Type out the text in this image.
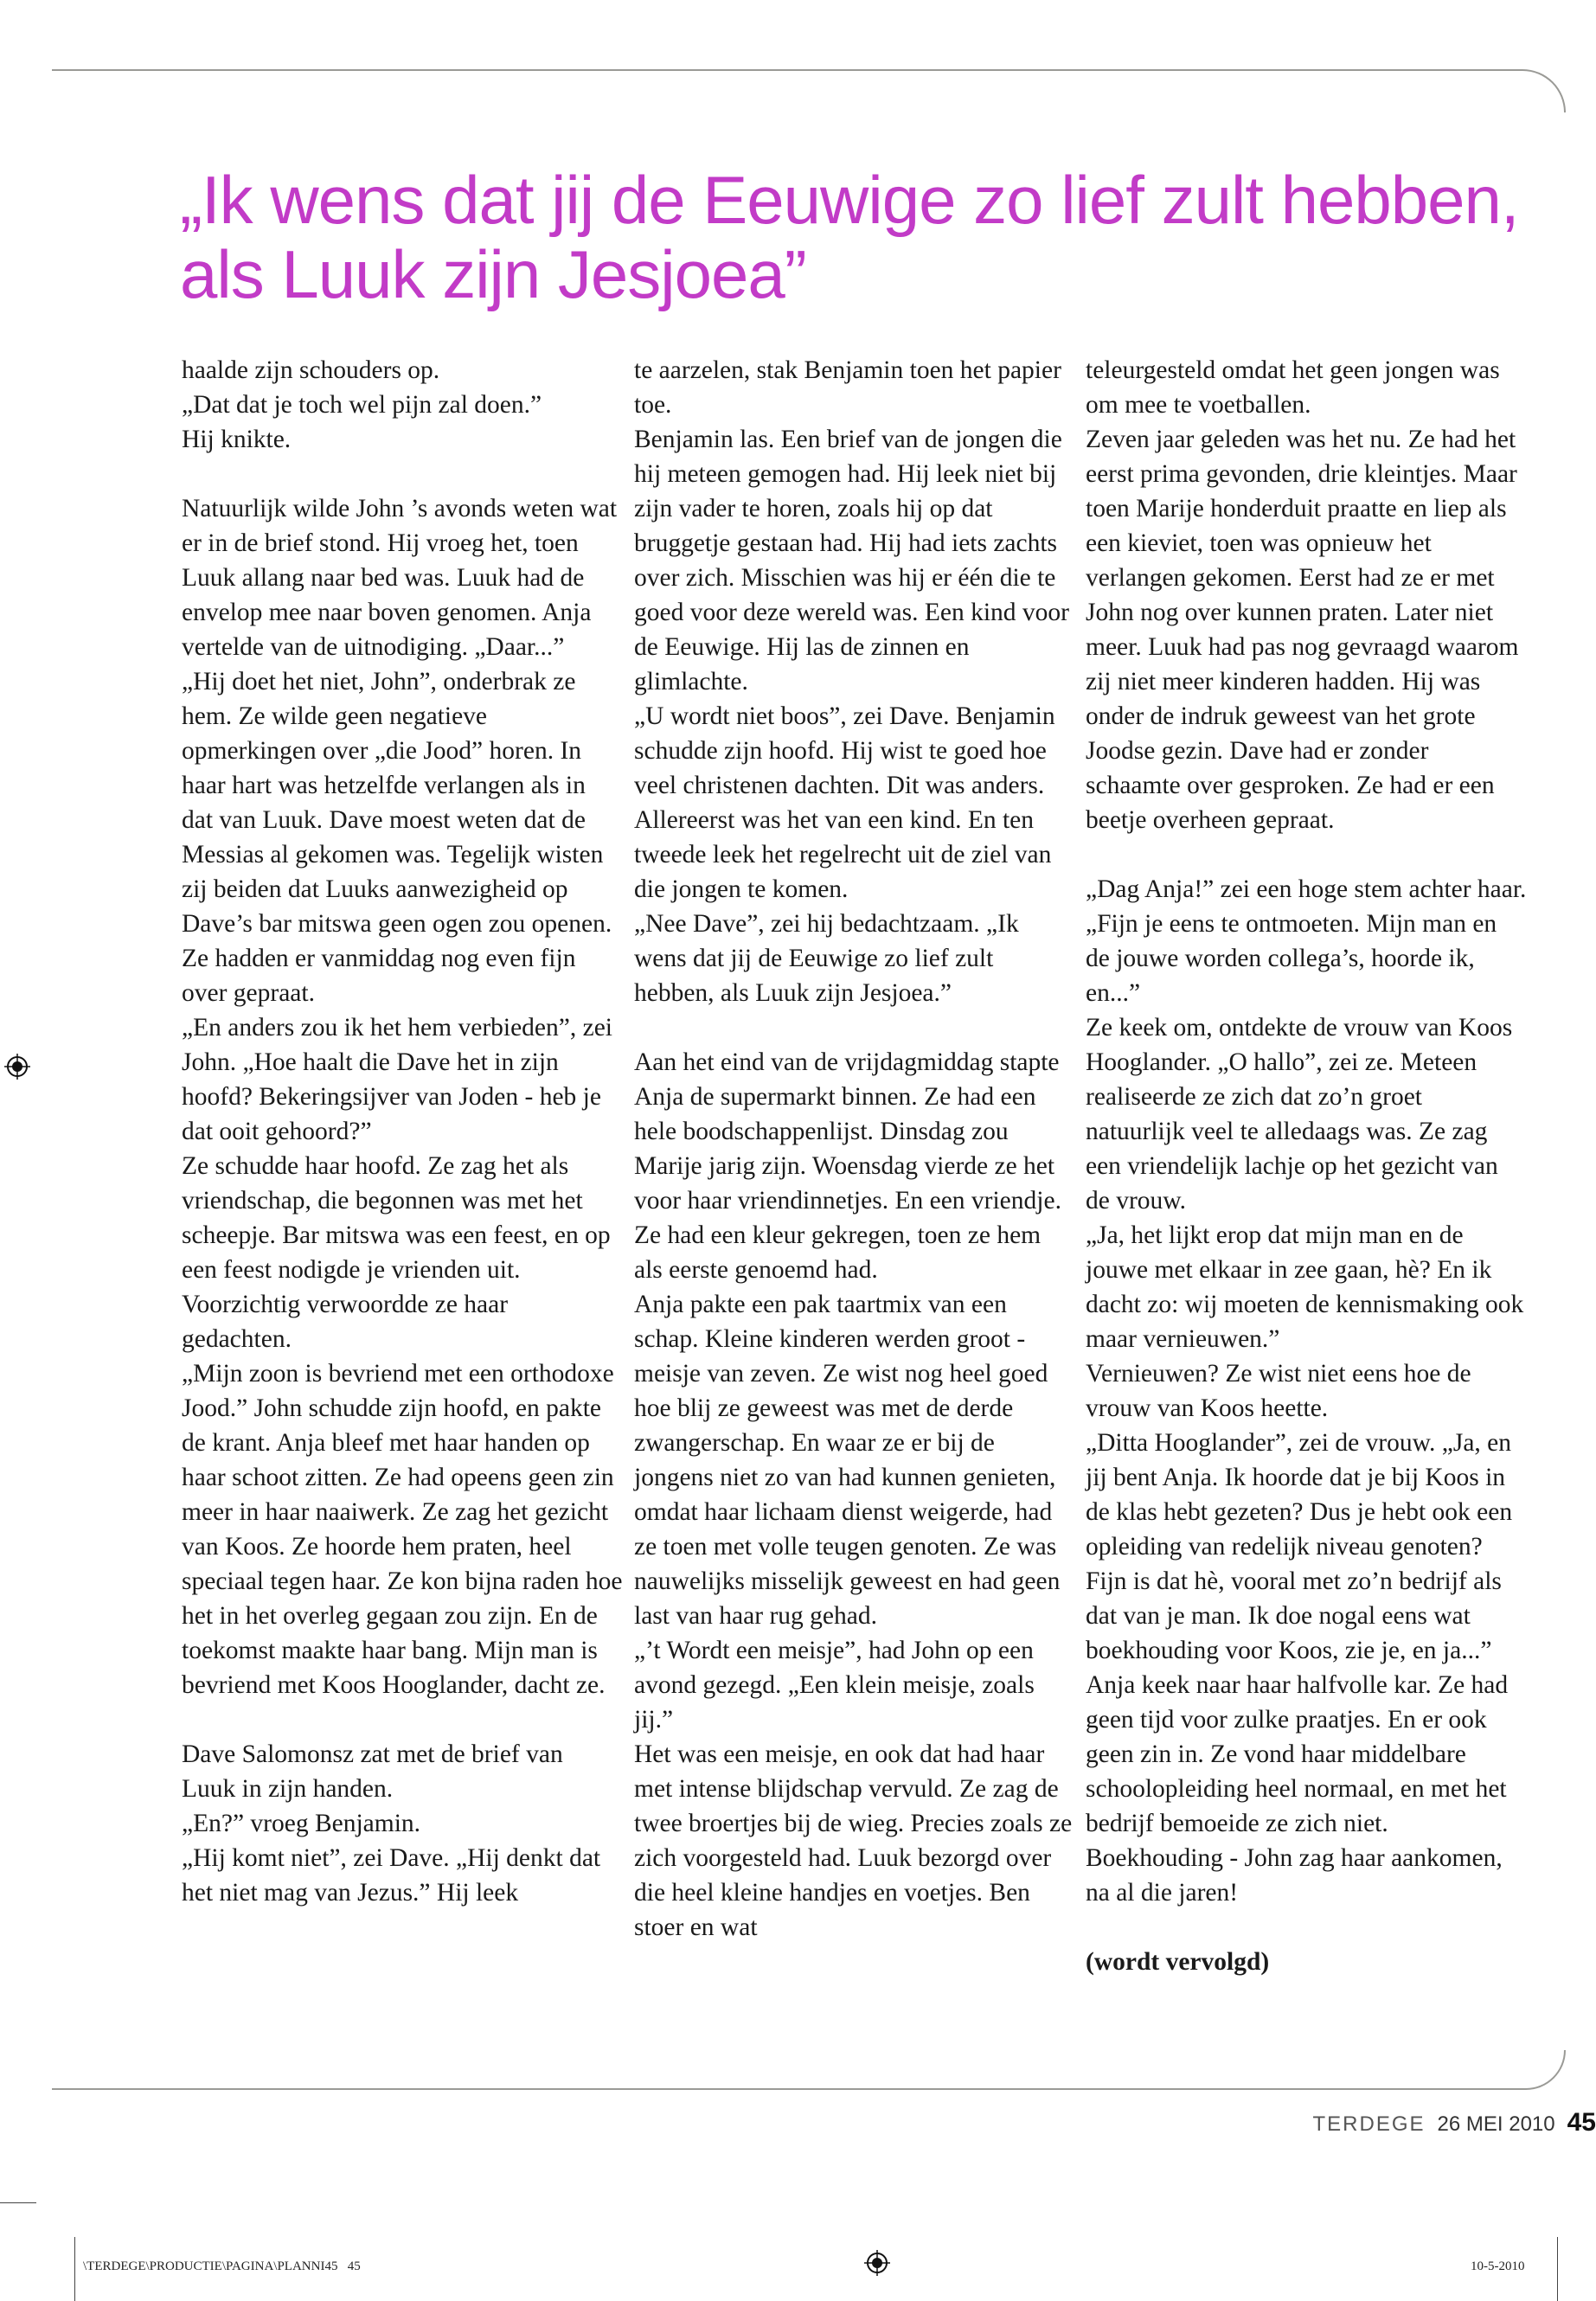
„Ik wens dat jij de Eeuwige zo lief zult hebben, als Luuk zijn Jesjoea”

haalde zijn schouders op.
„Dat dat je toch wel pijn zal doen.”
Hij knikte.

Natuurlijk wilde John ’s avonds weten wat er in de brief stond. Hij vroeg het, toen Luuk allang naar bed was. Luuk had de envelop mee naar boven genomen. Anja vertelde van de uitnodiging. „Daar...”
„Hij doet het niet, John”, onderbrak ze hem. Ze wilde geen negatieve opmerkingen over „die Jood” horen. In haar hart was hetzelfde verlangen als in dat van Luuk. Dave moest weten dat de Messias al gekomen was. Tegelijk wisten zij beiden dat Luuks aanwezigheid op Dave’s bar mitswa geen ogen zou openen. Ze hadden er vanmiddag nog even fijn over gepraat.
„En anders zou ik het hem verbieden”, zei John. „Hoe haalt die Dave het in zijn hoofd? Bekeringsijver van Joden - heb je dat ooit gehoord?”
Ze schudde haar hoofd. Ze zag het als vriendschap, die begonnen was met het scheepje. Bar mitswa was een feest, en op een feest nodigde je vrienden uit. Voorzichtig verwoordde ze haar gedachten.
„Mijn zoon is bevriend met een orthodoxe Jood.” John schudde zijn hoofd, en pakte de krant. Anja bleef met haar handen op haar schoot zitten. Ze had opeens geen zin meer in haar naaiwerk. Ze zag het gezicht van Koos. Ze hoorde hem praten, heel speciaal tegen haar. Ze kon bijna raden hoe het in het overleg gegaan zou zijn. En de toekomst maakte haar bang. Mijn man is bevriend met Koos Hooglander, dacht ze.

Dave Salomonsz zat met de brief van Luuk in zijn handen.
„En?” vroeg Benjamin.
„Hij komt niet”, zei Dave. „Hij denkt dat het niet mag van Jezus.” Hij leek

te aarzelen, stak Benjamin toen het papier toe.
Benjamin las. Een brief van de jongen die hij meteen gemogen had. Hij leek niet bij zijn vader te horen, zoals hij op dat bruggetje gestaan had. Hij had iets zachts over zich. Misschien was hij er één die te goed voor deze wereld was. Een kind voor de Eeuwige. Hij las de zinnen en glimlachte.
„U wordt niet boos”, zei Dave. Benjamin schudde zijn hoofd. Hij wist te goed hoe veel christenen dachten. Dit was anders. Allereerst was het van een kind. En ten tweede leek het regelrecht uit de ziel van die jongen te komen.
„Nee Dave”, zei hij bedachtzaam. „Ik wens dat jij de Eeuwige zo lief zult hebben, als Luuk zijn Jesjoea.”

Aan het eind van de vrijdagmiddag stapte Anja de supermarkt binnen. Ze had een hele boodschappenlijst. Dinsdag zou Marije jarig zijn. Woensdag vierde ze het voor haar vriendinnetjes. En een vriendje. Ze had een kleur gekregen, toen ze hem als eerste genoemd had.
Anja pakte een pak taartmix van een schap. Kleine kinderen werden groot - meisje van zeven. Ze wist nog heel goed hoe blij ze geweest was met de derde zwangerschap. En waar ze er bij de jongens niet zo van had kunnen genieten, omdat haar lichaam dienst weigerde, had ze toen met volle teugen genoten. Ze was nauwelijks misselijk geweest en had geen last van haar rug gehad.
„’t Wordt een meisje”, had John op een avond gezegd. „Een klein meisje, zoals jij.”
Het was een meisje, en ook dat had haar met intense blijdschap vervuld. Ze zag de twee broertjes bij de wieg. Precies zoals ze zich voorgesteld had. Luuk bezorgd over die heel kleine handjes en voetjes. Ben stoer en wat

teleurgesteld omdat het geen jongen was om mee te voetballen.
Zeven jaar geleden was het nu. Ze had het eerst prima gevonden, drie kleintjes. Maar toen Marije honderduit praatte en liep als een kieviet, toen was opnieuw het verlangen gekomen. Eerst had ze er met John nog over kunnen praten. Later niet meer. Luuk had pas nog gevraagd waarom zij niet meer kinderen hadden. Hij was onder de indruk geweest van het grote Joodse gezin. Dave had er zonder schaamte over gesproken. Ze had er een beetje overheen gepraat.

„Dag Anja!” zei een hoge stem achter haar. „Fijn je eens te ontmoeten. Mijn man en de jouwe worden collega’s, hoorde ik, en...”
Ze keek om, ontdekte de vrouw van Koos Hooglander. „O hallo”, zei ze. Meteen realiseerde ze zich dat zo’n groet natuurlijk veel te alledaags was. Ze zag een vriendelijk lachje op het gezicht van de vrouw.
„Ja, het lijkt erop dat mijn man en de jouwe met elkaar in zee gaan, hè? En ik dacht zo: wij moeten de kennismaking ook maar vernieuwen.”
Vernieuwen? Ze wist niet eens hoe de vrouw van Koos heette.
„Ditta Hooglander”, zei de vrouw. „Ja, en jij bent Anja. Ik hoorde dat je bij Koos in de klas hebt gezeten? Dus je hebt ook een opleiding van redelijk niveau genoten? Fijn is dat hè, vooral met zo’n bedrijf als dat van je man. Ik doe nogal eens wat boekhouding voor Koos, zie je, en ja...”
Anja keek naar haar halfvolle kar. Ze had geen tijd voor zulke praatjes. En er ook geen zin in. Ze vond haar middelbare schoolopleiding heel normaal, en met het bedrijf bemoeide ze zich niet. Boekhouding - John zag haar aankomen, na al die jaren!

(wordt vervolgd)

TERDEGE 26 MEI 2010 45
\TERDEGE\PRODUCTIE\PAGINA\PLANNI45   45	10-5-2010
